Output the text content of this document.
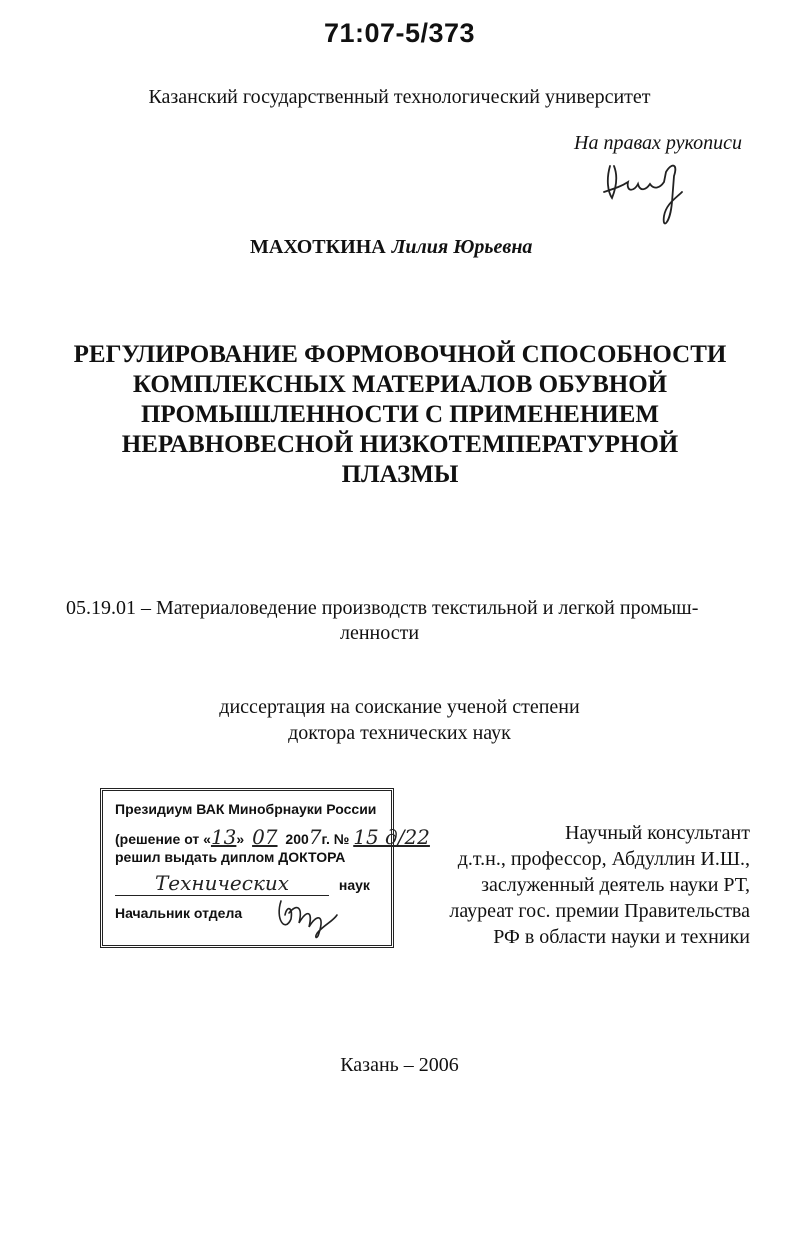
71:07-5/373
Казанский государственный технологический университет
На правах рукописи
МАХОТКИНА Лилия Юрьевна
РЕГУЛИРОВАНИЕ ФОРМОВОЧНОЙ СПОСОБНОСТИ
КОМПЛЕКСНЫХ МАТЕРИАЛОВ ОБУВНОЙ
ПРОМЫШЛЕННОСТИ С ПРИМЕНЕНИЕМ
НЕРАВНОВЕСНОЙ НИЗКОТЕМПЕРАТУРНОЙ
ПЛАЗМЫ
05.19.01 – Материаловедение производств текстильной и легкой промыш-
ленности
диссертация на соискание ученой степени
доктора технических наук
Президиум ВАК Минобрнауки России
(решение от «13» 07 2007г. № 15 д/22
решил выдать диплом ДОКТОРА
Технических	наук
Начальник отдела
Научный консультант
д.т.н., профессор, Абдуллин И.Ш.,
заслуженный деятель науки РТ,
лауреат гос. премии Правительства
РФ в области науки и техники
Казань – 2006
